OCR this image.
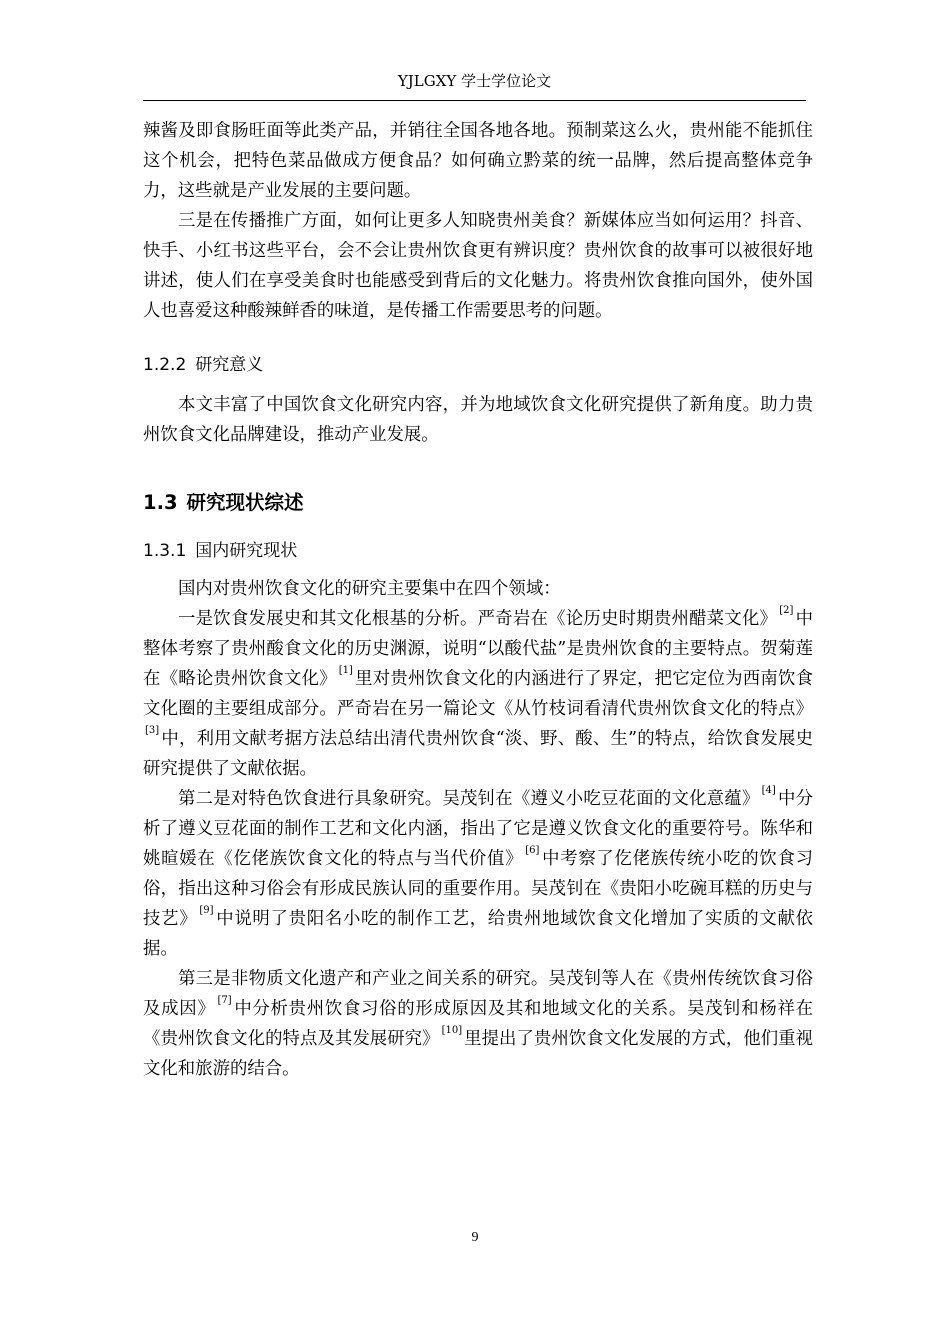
YJLGXY 学士学位论文

辣酱及即食肠旺面等此类产品，并销往全国各地各地。预制菜这么火，贵州能不能抓住这个机会，把特色菜品做成方便食品？如何确立黔菜的统一品牌，然后提高整体竞争力，这些就是产业发展的主要问题。

三是在传播推广方面，如何让更多人知晓贵州美食？新媒体应当如何运用？抖音、快手、小红书这些平台，会不会让贵州饮食更有辨识度？贵州饮食的故事可以被很好地讲述，使人们在享受美食时也能感受到背后的文化魅力。将贵州饮食推向国外，使外国人也喜爱这种酸辣鲜香的味道，是传播工作需要思考的问题。

1.2.2 研究意义

本文丰富了中国饮食文化研究内容，并为地域饮食文化研究提供了新角度。助力贵州饮食文化品牌建设，推动产业发展。

1.3 研究现状综述
1.3.1 国内研究现状

国内对贵州饮食文化的研究主要集中在四个领域：

一是饮食发展史和其文化根基的分析。严奇岩在《论历史时期贵州醋菜文化》 [2] 中整体考察了贵州酸食文化的历史渊源，说明“以酸代盐”是贵州饮食的主要特点。贺菊莲在《略论贵州饮食文化》 [1] 里对贵州饮食文化的内涵进行了界定，把它定位为西南饮食文化圈的主要组成部分。严奇岩在另一篇论文《从竹枝词看清代贵州饮食文化的特点》[3] 中，利用文献考据方法总结出清代贵州饮食“淡、野、酸、生”的特点，给饮食发展史研究提供了文献依据。

第二是对特色饮食进行具象研究。吴茂钊在《遵义小吃豆花面的文化意蕴》 [4] 中分析了遵义豆花面的制作工艺和文化内涵，指出了它是遵义饮食文化的重要符号。陈华和姚暄媛在《仡佬族饮食文化的特点与当代价值》 [6] 中考察了仡佬族传统小吃的饮食习俗，指出这种习俗会有形成民族认同的重要作用。吴茂钊在《贵阳小吃碗耳糕的历史与技艺》 [9] 中说明了贵阳名小吃的制作工艺，给贵州地域饮食文化增加了实质的文献依据。

第三是非物质文化遗产和产业之间关系的研究。吴茂钊等人在《贵州传统饮食习俗及成因》 [7] 中分析贵州饮食习俗的形成原因及其和地域文化的关系。吴茂钊和杨祥在《贵州饮食文化的特点及其发展研究》 [10] 里提出了贵州饮食文化发展的方式，他们重视文化和旅游的结合。

9
